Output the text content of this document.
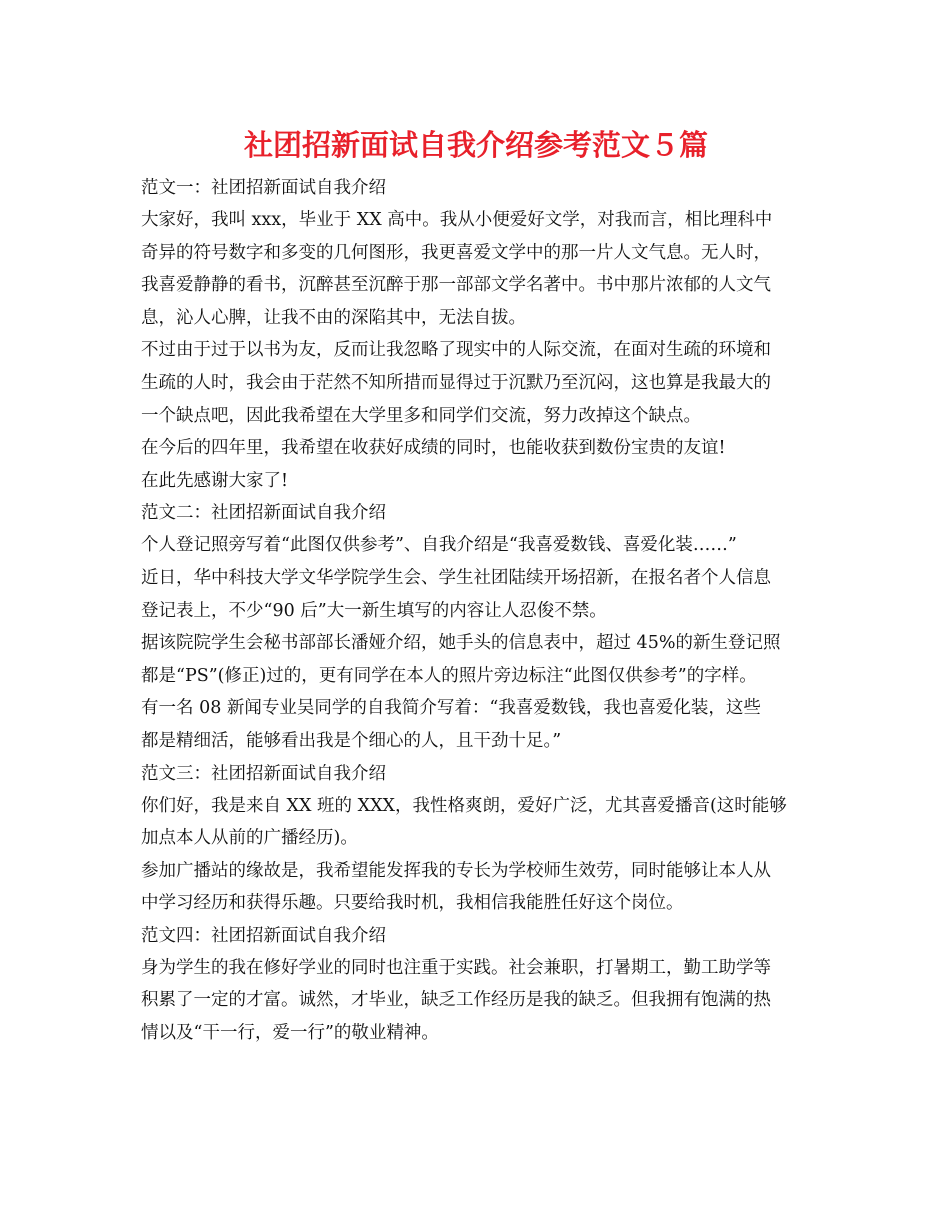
社团招新面试自我介绍参考范文５篇

范文一：社团招新面试自我介绍

大家好，我叫 xxx，毕业于 XX 高中。我从小便爱好文学，对我而言，相比理科中

奇异的符号数字和多变的几何图形，我更喜爱文学中的那一片人文气息。无人时，

我喜爱静静的看书，沉醉甚至沉醉于那一部部文学名著中。书中那片浓郁的人文气

息，沁人心脾，让我不由的深陷其中，无法自拔。

不过由于过于以书为友，反而让我忽略了现实中的人际交流，在面对生疏的环境和

生疏的人时，我会由于茫然不知所措而显得过于沉默乃至沉闷，这也算是我最大的

一个缺点吧，因此我希望在大学里多和同学们交流，努力改掉这个缺点。

在今后的四年里，我希望在收获好成绩的同时，也能收获到数份宝贵的友谊!

在此先感谢大家了!

范文二：社团招新面试自我介绍

个人登记照旁写着“此图仅供参考”、自我介绍是“我喜爱数钱、喜爱化装……”

近日，华中科技大学文华学院学生会、学生社团陆续开场招新，在报名者个人信息

登记表上，不少“90 后”大一新生填写的内容让人忍俊不禁。

据该院院学生会秘书部部长潘娅介绍，她手头的信息表中，超过 45%的新生登记照

都是“PS”(修正)过的，更有同学在本人的照片旁边标注“此图仅供参考”的字样。

有一名 08 新闻专业吴同学的自我简介写着：“我喜爱数钱，我也喜爱化装，这些

都是精细活，能够看出我是个细心的人，且干劲十足。”

范文三：社团招新面试自我介绍

你们好，我是来自 XX 班的 XXX，我性格爽朗，爱好广泛，尤其喜爱播音(这时能够

加点本人从前的广播经历)。

参加广播站的缘故是，我希望能发挥我的专长为学校师生效劳，同时能够让本人从

中学习经历和获得乐趣。只要给我时机，我相信我能胜任好这个岗位。

范文四：社团招新面试自我介绍

身为学生的我在修好学业的同时也注重于实践。社会兼职，打暑期工，勤工助学等

积累了一定的才富。诚然，才毕业，缺乏工作经历是我的缺乏。但我拥有饱满的热

情以及“干一行，爱一行”的敬业精神。
